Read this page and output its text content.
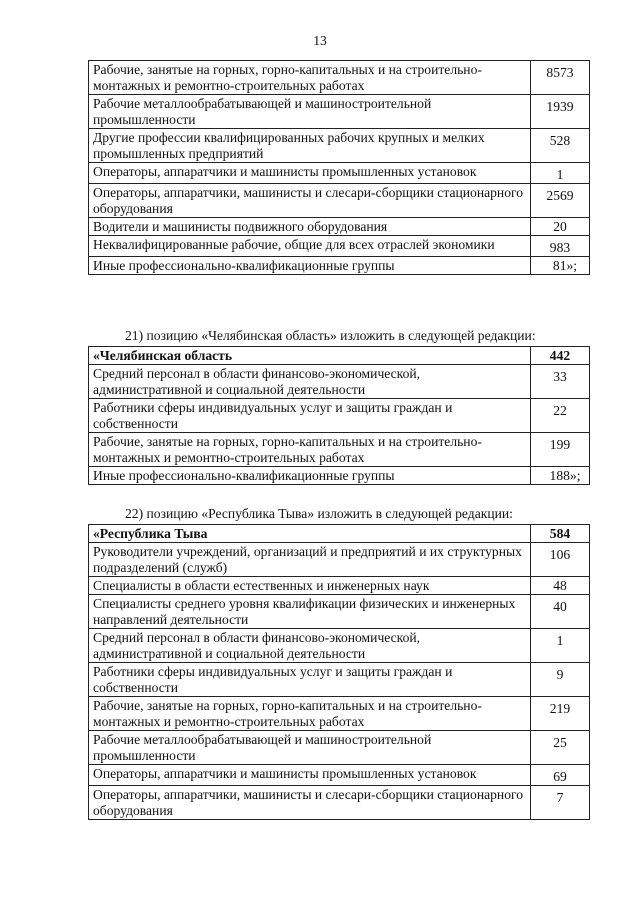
13
Рабочие, занятые на горных, горно-капитальных и на строительно-монтажных и ремонтно-строительных работах	8573

Рабочие металлообрабатывающей и машиностроительной промышленности	1939

Другие профессии квалифицированных рабочих крупных и мелких промышленных предприятий	528

Операторы, аппаратчики и машинисты промышленных установок	1

Операторы, аппаратчики, машинисты и слесари-сборщики стационарного оборудования	2569

Водители и машинисты подвижного оборудования	20

Неквалифицированные рабочие, общие для всех отраслей экономики	983

Иные профессионально-квалификационные группы	81»;
21) позицию «Челябинская область» изложить в следующей редакции:
«Челябинская область	442

Средний персонал в области финансово-экономической, административной и социальной деятельности	33

Работники сферы индивидуальных услуг и защиты граждан и собственности	22

Рабочие, занятые на горных, горно-капитальных и на строительно-монтажных и ремонтно-строительных работах	199

Иные профессионально-квалификационные группы	188»;
22) позицию «Республика Тыва» изложить в следующей редакции:
«Республика Тыва	584

Руководители учреждений, организаций и предприятий и их структурных подразделений (служб)	106

Специалисты в области естественных и инженерных наук	48

Специалисты среднего уровня квалификации физических и инженерных направлений деятельности	40

Средний персонал в области финансово-экономической, административной и социальной деятельности	1

Работники сферы индивидуальных услуг и защиты граждан и собственности	9

Рабочие, занятые на горных, горно-капитальных и на строительно-монтажных и ремонтно-строительных работах	219

Рабочие металлообрабатывающей и машиностроительной промышленности	25

Операторы, аппаратчики и машинисты промышленных установок	69

Операторы, аппаратчики, машинисты и слесари-сборщики стационарного оборудования	7
